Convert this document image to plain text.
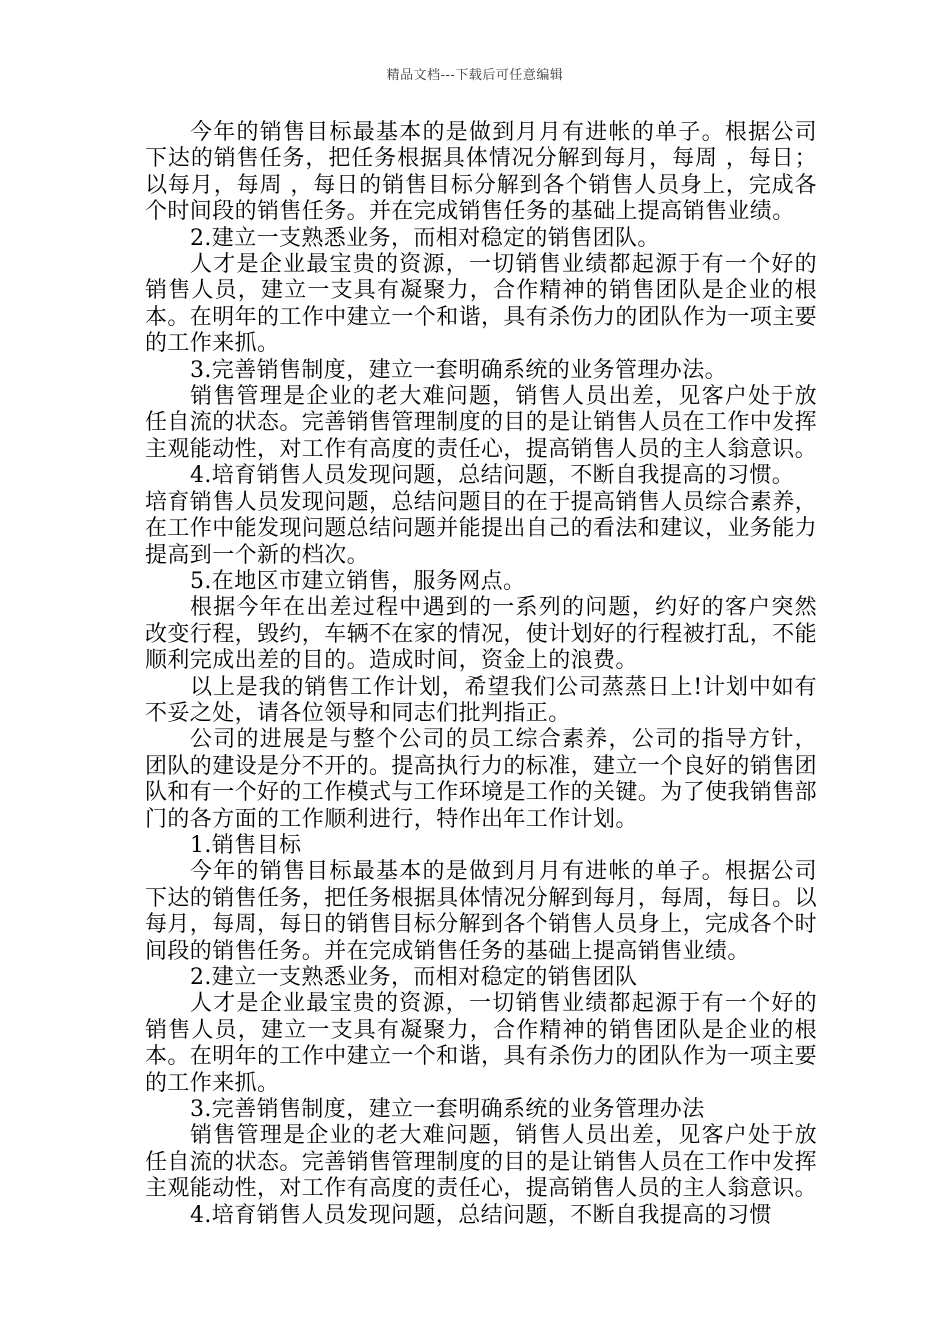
精品文档---下载后可任意编辑

今年的销售目标最基本的是做到月月有进帐的单子。根据公司下达的销售任务，把任务根据具体情况分解到每月，每周 ，每日；以每月，每周 ，每日的销售目标分解到各个销售人员身上，完成各个时间段的销售任务。并在完成销售任务的基础上提高销售业绩。

2.建立一支熟悉业务，而相对稳定的销售团队。

人才是企业最宝贵的资源，一切销售业绩都起源于有一个好的销售人员，建立一支具有凝聚力，合作精神的销售团队是企业的根本。在明年的工作中建立一个和谐，具有杀伤力的团队作为一项主要的工作来抓。

3.完善销售制度，建立一套明确系统的业务管理办法。

销售管理是企业的老大难问题，销售人员出差，见客户处于放任自流的状态。完善销售管理制度的目的是让销售人员在工作中发挥主观能动性，对工作有高度的责任心，提高销售人员的主人翁意识。

4.培育销售人员发现问题，总结问题，不断自我提高的习惯。

培育销售人员发现问题，总结问题目的在于提高销售人员综合素养，在工作中能发现问题总结问题并能提出自己的看法和建议，业务能力提高到一个新的档次。

5.在地区市建立销售，服务网点。

根据今年在出差过程中遇到的一系列的问题，约好的客户突然改变行程，毁约，车辆不在家的情况，使计划好的行程被打乱，不能顺利完成出差的目的。造成时间，资金上的浪费。

以上是我的销售工作计划，希望我们公司蒸蒸日上!计划中如有不妥之处，请各位领导和同志们批判指正。

公司的进展是与整个公司的员工综合素养，公司的指导方针，团队的建设是分不开的。提高执行力的标准，建立一个良好的销售团队和有一个好的工作模式与工作环境是工作的关键。为了使我销售部门的各方面的工作顺利进行，特作出年工作计划。

1.销售目标

今年的销售目标最基本的是做到月月有进帐的单子。根据公司下达的销售任务，把任务根据具体情况分解到每月，每周，每日。以每月，每周，每日的销售目标分解到各个销售人员身上，完成各个时间段的销售任务。并在完成销售任务的基础上提高销售业绩。

2.建立一支熟悉业务，而相对稳定的销售团队

人才是企业最宝贵的资源，一切销售业绩都起源于有一个好的销售人员，建立一支具有凝聚力，合作精神的销售团队是企业的根本。在明年的工作中建立一个和谐，具有杀伤力的团队作为一项主要的工作来抓。

3.完善销售制度，建立一套明确系统的业务管理办法

销售管理是企业的老大难问题，销售人员出差，见客户处于放任自流的状态。完善销售管理制度的目的是让销售人员在工作中发挥主观能动性，对工作有高度的责任心，提高销售人员的主人翁意识。

4.培育销售人员发现问题，总结问题，不断自我提高的习惯
